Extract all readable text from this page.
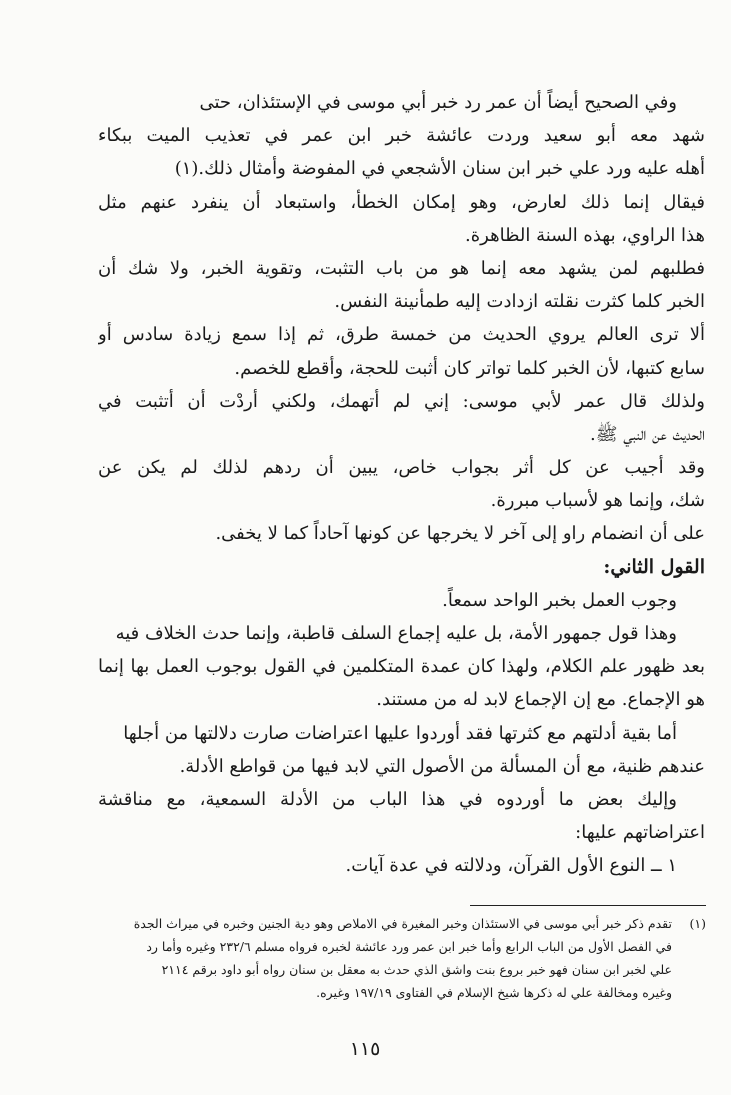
وفي الصحيح أيضاً أن عمر رد خبر أبي موسى في الإستئذان، حتى
شهد معه أبو سعيد وردت عائشة خبر ابن عمر في تعذيب الميت ببكاء
أهله عليه ورد علي خبر ابن سنان الأشجعي في المفوضة وأمثال ذلك.(١)
فيقال إنما ذلك لعارض، وهو إمكان الخطأ، واستبعاد أن ينفرد عنهم مثل
هذا الراوي، بهذه السنة الظاهرة.
فطلبهم لمن يشهد معه إنما هو من باب التثبت، وتقوية الخبر، ولا شك أن
الخبر كلما كثرت نقلته ازدادت إليه طمأنينة النفس.
ألا ترى العالم يروي الحديث من خمسة طرق، ثم إذا سمع زيادة سادس أو
سابع كتبها، لأن الخبر كلما تواتر كان أثبت للحجة، وأقطع للخصم.
ولذلك قال عمر لأبي موسى: إني لم أتهمك، ولكني أردْت أن أتثبت في
الحديث عن النبي ﷺ.
وقد أجيب عن كل أثر بجواب خاص، يبين أن ردهم لذلك لم يكن عن
شك، وإنما هو لأسباب مبررة.
على أن انضمام راو إلى آخر لا يخرجها عن كونها آحاداً كما لا يخفى.
القول الثاني:
وجوب العمل بخبر الواحد سمعاً.
وهذا قول جمهور الأمة، بل عليه إجماع السلف قاطبة، وإنما حدث الخلاف فيه
بعد ظهور علم الكلام، ولهذا كان عمدة المتكلمين في القول بوجوب العمل بها إنما
هو الإجماع. مع إن الإجماع لابد له من مستند.
أما بقية أدلتهم مع كثرتها فقد أوردوا عليها اعتراضات صارت دلالتها من أجلها
عندهم ظنية، مع أن المسألة من الأصول التي لابد فيها من قواطع الأدلة.
وإليك بعض ما أوردوه في هذا الباب من الأدلة السمعية، مع مناقشة
اعتراضاتهم عليها:
١ ــ النوع الأول القرآن، ودلالته في عدة آيات.
(١)تقدم ذكر خبر أبي موسى في الاستئذان وخبر المغيرة في الاملاص وهو دية الجنين وخبره في ميراث الجدة
في الفصل الأول من الباب الرابع وأما خبر ابن عمر ورد عائشة لخبره فرواه مسلم ٢٣٢/٦ وغيره وأما رد
علي لخبر ابن سنان فهو خبر بروع بنت واشق الذي حدث به معقل بن سنان رواه أبو داود برقم ٢١١٤
وغيره ومخالفة علي له ذكرها شيخ الإسلام في الفتاوى ١٩٧/١٩ وغيره.
١١٥
